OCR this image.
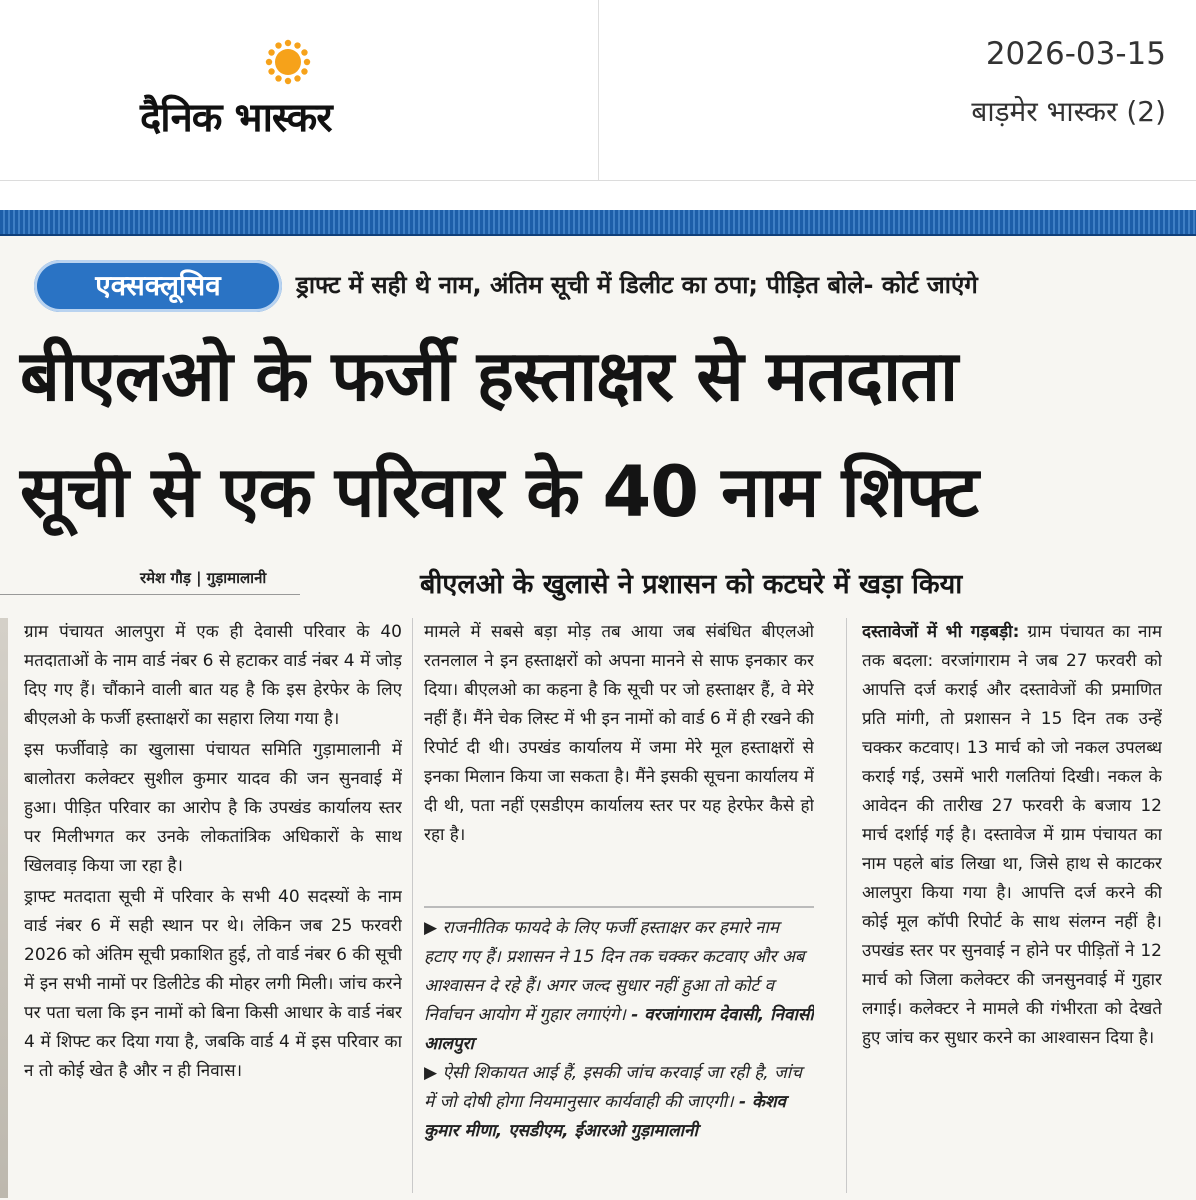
दैनिक भास्कर
2026-03-15
बाड़मेर भास्कर (2)
एक्सक्लूसिव	ड्राफ्ट में सही थे नाम, अंतिम सूची में डिलीट का ठपा; पीड़ित बोले- कोर्ट जाएंगे
बीएलओ के फर्जी हस्ताक्षर से मतदाता
सूची से एक परिवार के 40 नाम शिफ्ट
रमेश गौड़ | गुड़ामालानी	बीएलओ के खुलासे ने प्रशासन को कटघरे में खड़ा किया

ग्राम पंचायत आलपुरा में एक ही देवासी परिवार के 40 मतदाताओं के नाम वार्ड नंबर 6 से हटाकर वार्ड नंबर 4 में जोड़ दिए गए हैं। चौंकाने वाली बात यह है कि इस हेरफेर के लिए बीएलओ के फर्जी हस्ताक्षरों का सहारा लिया गया है।

इस फर्जीवाड़े का खुलासा पंचायत समिति गुड़ामालानी में बालोतरा कलेक्टर सुशील कुमार यादव की जन सुनवाई में हुआ। पीड़ित परिवार का आरोप है कि उपखंड कार्यालय स्तर पर मिलीभगत कर उनके लोकतांत्रिक अधिकारों के साथ खिलवाड़ किया जा रहा है।

ड्राफ्ट मतदाता सूची में परिवार के सभी 40 सदस्यों के नाम वार्ड नंबर 6 में सही स्थान पर थे। लेकिन जब 25 फरवरी 2026 को अंतिम सूची प्रकाशित हुई, तो वार्ड नंबर 6 की सूची में इन सभी नामों पर डिलीटेड की मोहर लगी मिली। जांच करने पर पता चला कि इन नामों को बिना किसी आधार के वार्ड नंबर 4 में शिफ्ट कर दिया गया है, जबकि वार्ड 4 में इस परिवार का न तो कोई खेत है और न ही निवास।

मामले में सबसे बड़ा मोड़ तब आया जब संबंधित बीएलओ रतनलाल ने इन हस्ताक्षरों को अपना मानने से साफ इनकार कर दिया। बीएलओ का कहना है कि सूची पर जो हस्ताक्षर हैं, वे मेरे नहीं हैं। मैंने चेक लिस्ट में भी इन नामों को वार्ड 6 में ही रखने की रिपोर्ट दी थी। उपखंड कार्यालय में जमा मेरे मूल हस्ताक्षरों से इनका मिलान किया जा सकता है। मैंने इसकी सूचना कार्यालय में दी थी, पता नहीं एसडीएम कार्यालय स्तर पर यह हेरफेर कैसे हो रहा है।

▶ राजनीतिक फायदे के लिए फर्जी हस्ताक्षर कर हमारे नाम हटाए गए हैं। प्रशासन ने 15 दिन तक चक्कर कटवाए और अब आश्वासन दे रहे हैं। अगर जल्द सुधार नहीं हुआ तो कोर्ट व निर्वाचन आयोग में गुहार लगाएंगे। - वरजांगाराम देवासी, निवासी आलपुरा

▶ ऐसी शिकायत आई हैं, इसकी जांच करवाई जा रही है, जांच में जो दोषी होगा नियमानुसार कार्यवाही की जाएगी। - केशव कुमार मीणा, एसडीएम, ईआरओ गुड़ामालानी

दस्तावेजों में भी गड़बड़ी: ग्राम पंचायत का नाम तक बदला: वरजांगाराम ने जब 27 फरवरी को आपत्ति दर्ज कराई और दस्तावेजों की प्रमाणित प्रति मांगी, तो प्रशासन ने 15 दिन तक उन्हें चक्कर कटवाए। 13 मार्च को जो नकल उपलब्ध कराई गई, उसमें भारी गलतियां दिखी। नकल के आवेदन की तारीख 27 फरवरी के बजाय 12 मार्च दर्शाई गई है। दस्तावेज में ग्राम पंचायत का नाम पहले बांड लिखा था, जिसे हाथ से काटकर आलपुरा किया गया है। आपत्ति दर्ज करने की कोई मूल कॉपी रिपोर्ट के साथ संलग्न नहीं है। उपखंड स्तर पर सुनवाई न होने पर पीड़ितों ने 12 मार्च को जिला कलेक्टर की जनसुनवाई में गुहार लगाई। कलेक्टर ने मामले की गंभीरता को देखते हुए जांच कर सुधार करने का आश्वासन दिया है।
